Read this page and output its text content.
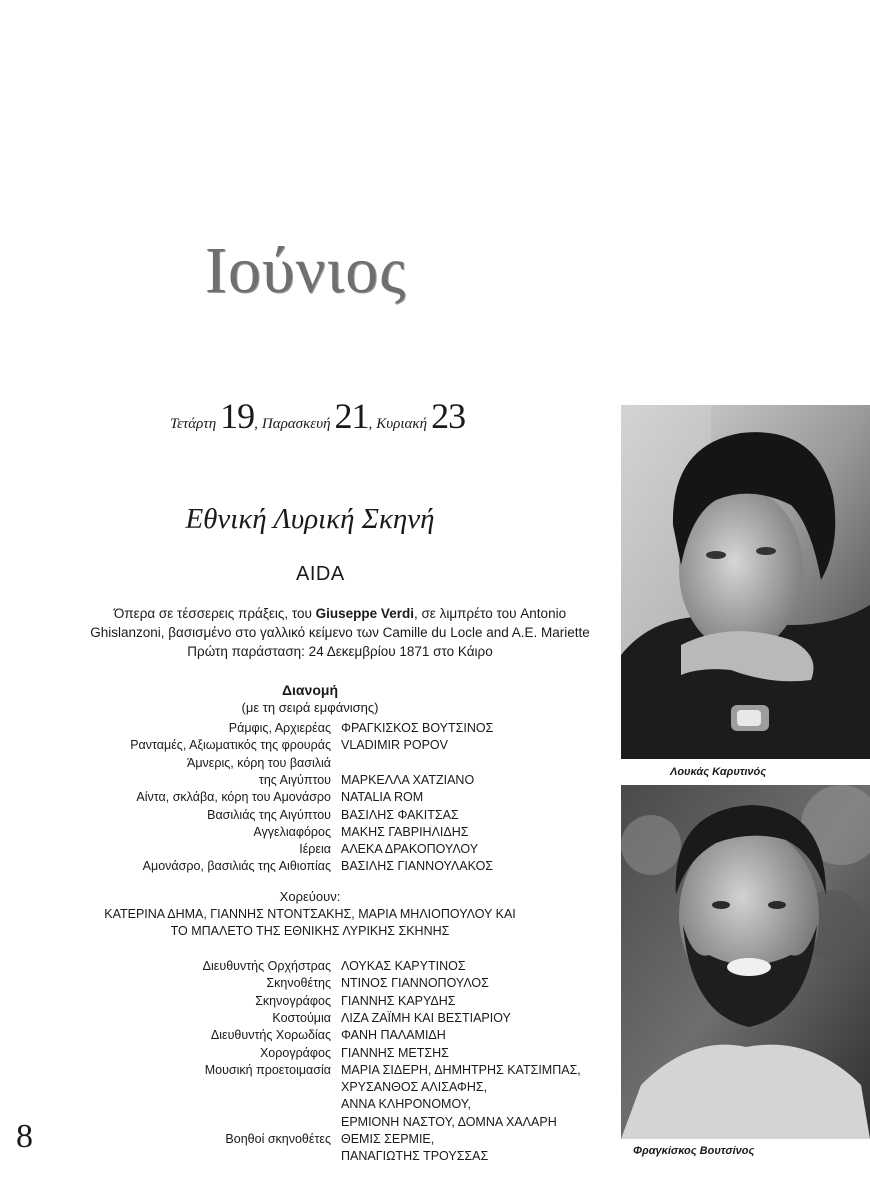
Ιούνιος
Τετάρτη 19, Παρασκευή 21, Κυριακή 23
Εθνική Λυρική Σκηνή
AIDA
Όπερα σε τέσσερεις πράξεις, του Giuseppe Verdi, σε λιμπρέτο του Antonio
Ghislanzoni, βασισμένο στο γαλλικό κείμενο των Camille du Locle and A.E. Mariette
Πρώτη παράσταση: 24 Δεκεμβρίου 1871 στο Κάιρο
Διανομή
(με τη σειρά εμφάνισης)
Ράμφις, Αρχιερέας ΦΡΑΓΚΙΣΚΟΣ ΒΟΥΤΣΙΝΟΣ
Ρανταμές, Αξιωματικός της φρουράς VLADIMIR POPOV
Άμνερις, κόρη του βασιλιά
της Αιγύπτου ΜΑΡΚΕΛΛΑ ΧΑΤΖΙΑΝΟ
Αίντα, σκλάβα, κόρη του Αμονάσρο NATALIA ROM
Βασιλιάς της Αιγύπτου ΒΑΣΙΛΗΣ ΦΑΚΙΤΣΑΣ
Αγγελιαφόρος ΜΑΚΗΣ ΓΑΒΡΙΗΛΙΔΗΣ
Ιέρεια ΑΛΕΚΑ ΔΡΑΚΟΠΟΥΛΟΥ
Αμονάσρο, βασιλιάς της Αιθιοπίας ΒΑΣΙΛΗΣ ΓΙΑΝΝΟΥΛΑΚΟΣ
Χορεύουν:
ΚΑΤΕΡΙΝΑ ΔΗΜΑ, ΓΙΑΝΝΗΣ ΝΤΟΝΤΣΑΚΗΣ, ΜΑΡΙΑ ΜΗΛΙΟΠΟΥΛΟΥ ΚΑΙ
ΤΟ ΜΠΑΛΕΤΟ ΤΗΣ ΕΘΝΙΚΗΣ ΛΥΡΙΚΗΣ ΣΚΗΝΗΣ
Διευθυντής Ορχήστρας ΛΟΥΚΑΣ ΚΑΡΥΤΙΝΟΣ
Σκηνοθέτης ΝΤΙΝΟΣ ΓΙΑΝΝΟΠΟΥΛΟΣ
Σκηνογράφος ΓΙΑΝΝΗΣ ΚΑΡΥΔΗΣ
Κοστούμια ΛΙΖΑ ΖΑΪΜΗ ΚΑΙ ΒΕΣΤΙΑΡΙΟΥ
Διευθυντής Χορωδίας ΦΑΝΗ ΠΑΛΑΜΙΔΗ
Χορογράφος ΓΙΑΝΝΗΣ ΜΕΤΣΗΣ
Μουσική προετοιμασία ΜΑΡΙΑ ΣΙΔΕΡΗ, ΔΗΜΗΤΡΗΣ ΚΑΤΣΙΜΠΑΣ,
ΧΡΥΣΑΝΘΟΣ ΑΛΙΣΑΦΗΣ,
ΑΝΝΑ ΚΛΗΡΟΝΟΜΟΥ,
ΕΡΜΙΟΝΗ ΝΑΣΤΟΥ, ΔΟΜΝΑ ΧΑΛΑΡΗ
Βοηθοί σκηνοθέτες ΘΕΜΙΣ ΣΕΡΜΙΕ,
ΠΑΝΑΓΙΩΤΗΣ ΤΡΟΥΣΣΑΣ
Λουκάς Καρυτινός
Φραγκίσκος Βουτσίνος
8
